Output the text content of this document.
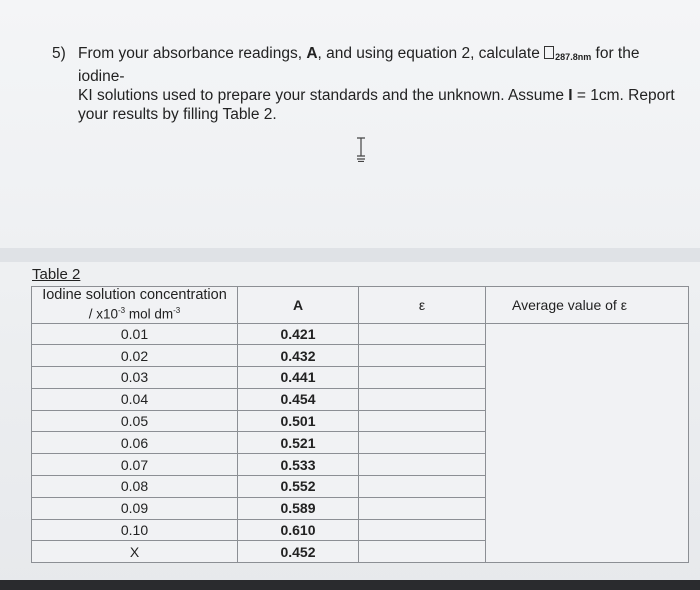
5) From your absorbance readings, A, and using equation 2, calculate $_{287.8nm}$ for the iodine-
KI solutions used to prepare your standards and the unknown. Assume I = 1cm. Report
your results by filling Table 2.
Table 2
Iodine solution concentration
/ $x10^{-3}$ mol $dm^{-3}$	A	ε	Average value of ε
0.01	0.421		
0.02	0.432		
0.03	0.441		
0.04	0.454		
0.05	0.501		
0.06	0.521		
0.07	0.533		
0.08	0.552		
0.09	0.589		
0.10	0.610		
X	0.452		
